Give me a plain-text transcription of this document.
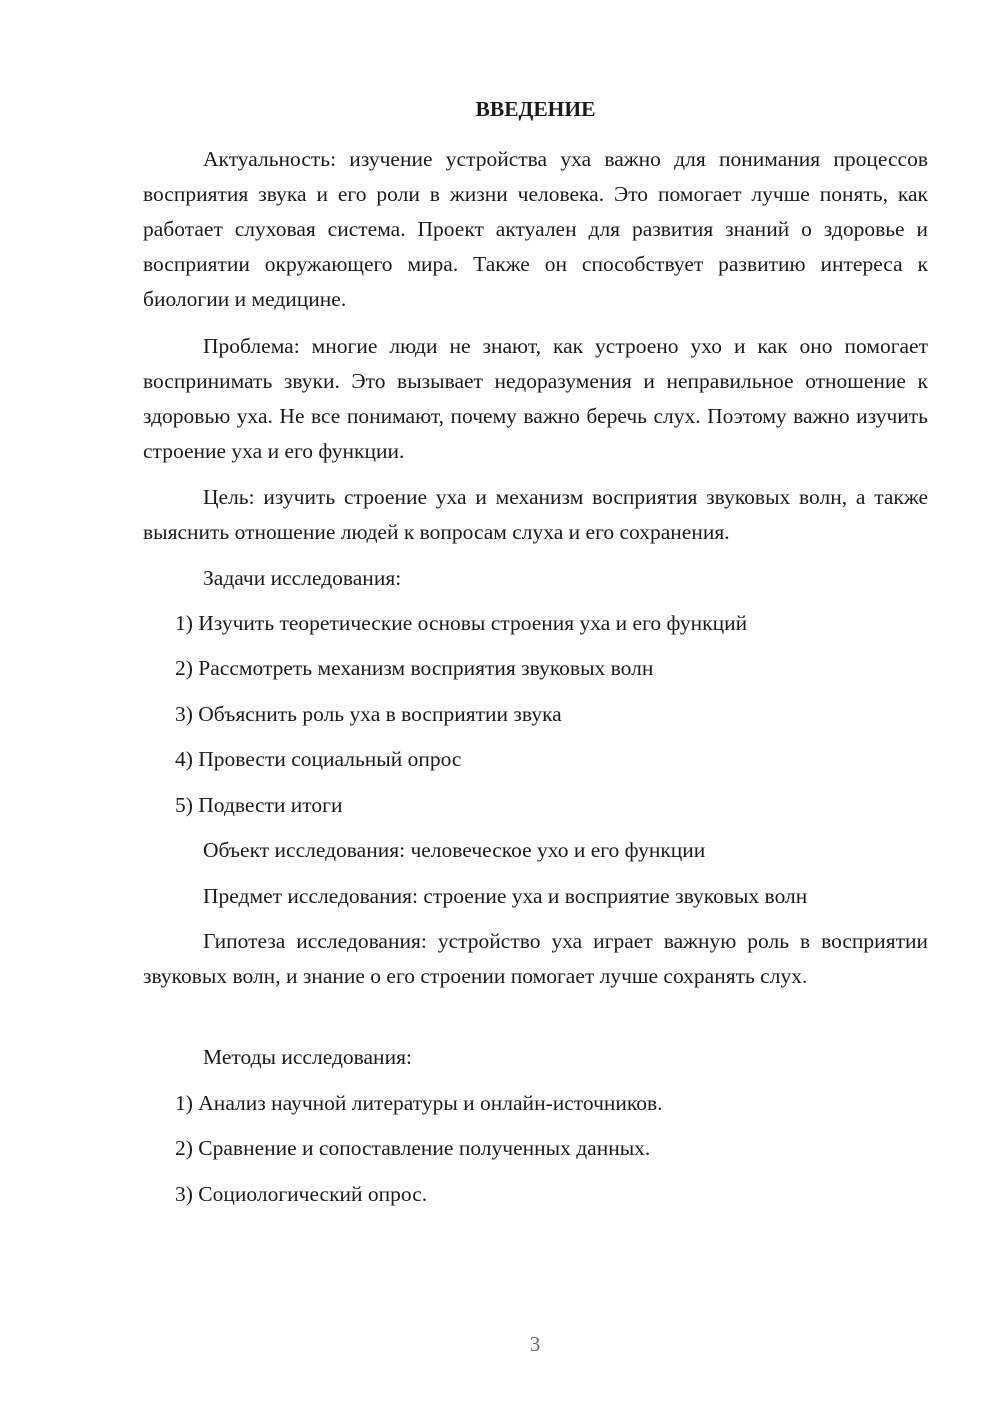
ВВЕДЕНИЕ

Актуальность: изучение устройства уха важно для понимания процессов восприятия звука и его роли в жизни человека. Это помогает лучше понять, как работает слуховая система. Проект актуален для развития знаний о здоровье и восприятии окружающего мира. Также он способствует развитию интереса к биологии и медицине.

Проблема: многие люди не знают, как устроено ухо и как оно помогает воспринимать звуки. Это вызывает недоразумения и неправильное отношение к здоровью уха. Не все понимают, почему важно беречь слух. Поэтому важно изучить строение уха и его функции.

Цель: изучить строение уха и механизм восприятия звуковых волн, а также выяснить отношение людей к вопросам слуха и его сохранения.

Задачи исследования:

1) Изучить теоретические основы строения уха и его функций

2) Рассмотреть механизм восприятия звуковых волн

3) Объяснить роль уха в восприятии звука

4) Провести социальный опрос

5) Подвести итоги

Объект исследования: человеческое ухо и его функции

Предмет исследования: строение уха и восприятие звуковых волн

Гипотеза исследования: устройство уха играет важную роль в восприятии звуковых волн, и знание о его строении помогает лучше сохранять слух.

Методы исследования:

1) Анализ научной литературы и онлайн-источников.

2) Сравнение и сопоставление полученных данных.

3) Социологический опрос.

3
